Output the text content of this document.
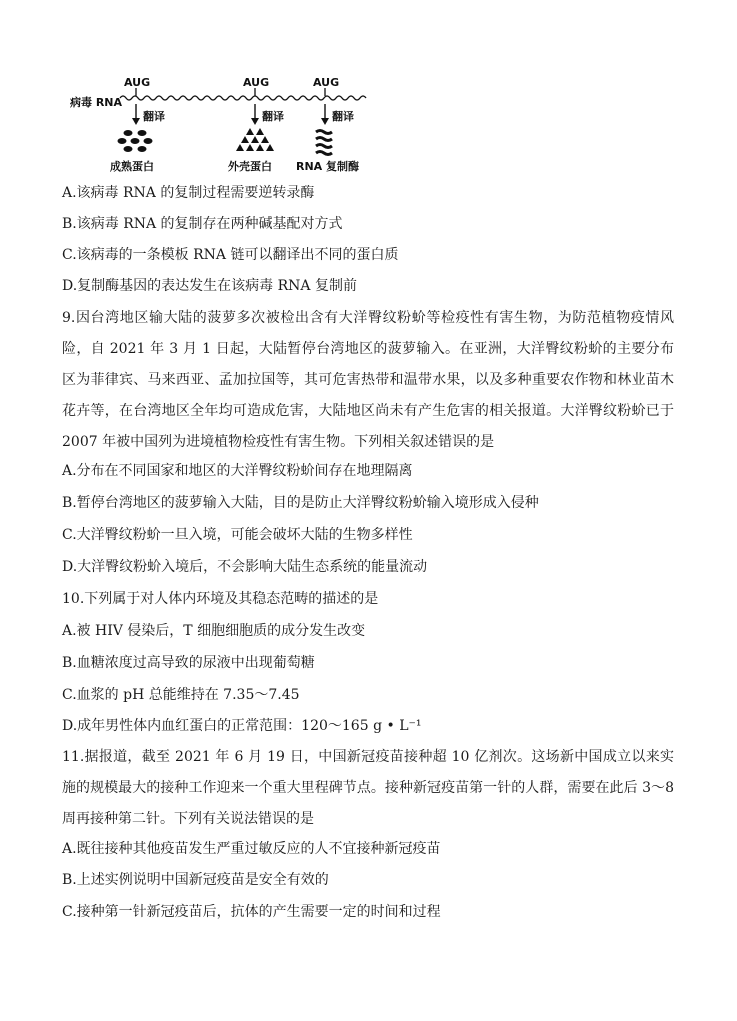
病毒 RNA
AUG	AUG	AUG
翻译	翻译	翻译
成熟蛋白	外壳蛋白 RNA 复制酶
A.该病毒 RNA 的复制过程需要逆转录酶
B.该病毒 RNA 的复制存在两种碱基配对方式
C.该病毒的一条模板 RNA 链可以翻译出不同的蛋白质
D.复制酶基因的表达发生在该病毒 RNA 复制前
9.因台湾地区输大陆的菠萝多次被检出含有大洋臀纹粉蚧等检疫性有害生物，为防范植物疫情风险，自 2021 年 3 月 1 日起，大陆暂停台湾地区的菠萝输入。在亚洲，大洋臀纹粉蚧的主要分布区为菲律宾、马来西亚、孟加拉国等，其可危害热带和温带水果，以及多种重要农作物和林业苗木花卉等，在台湾地区全年均可造成危害，大陆地区尚未有产生危害的相关报道。大洋臀纹粉蚧已于 2007 年被中国列为进境植物检疫性有害生物。下列相关叙述错误的是
A.分布在不同国家和地区的大洋臀纹粉蚧间存在地理隔离
B.暂停台湾地区的菠萝输入大陆，目的是防止大洋臀纹粉蚧输入境形成入侵种
C.大洋臀纹粉蚧一旦入境，可能会破坏大陆的生物多样性
D.大洋臀纹粉蚧入境后，不会影响大陆生态系统的能量流动
10.下列属于对人体内环境及其稳态范畴的描述的是
A.被 HIV 侵染后，T 细胞细胞质的成分发生改变
B.血糖浓度过高导致的尿液中出现葡萄糖
C.血浆的 pH 总能维持在 7.35～7.45
D.成年男性体内血红蛋白的正常范围：120～165 g • L⁻¹
11.据报道，截至 2021 年 6 月 19 日，中国新冠疫苗接种超 10 亿剂次。这场新中国成立以来实施的规模最大的接种工作迎来一个重大里程碑节点。接种新冠疫苗第一针的人群，需要在此后 3～8 周再接种第二针。下列有关说法错误的是
A.既往接种其他疫苗发生严重过敏反应的人不宜接种新冠疫苗
B.上述实例说明中国新冠疫苗是安全有效的
C.接种第一针新冠疫苗后，抗体的产生需要一定的时间和过程
